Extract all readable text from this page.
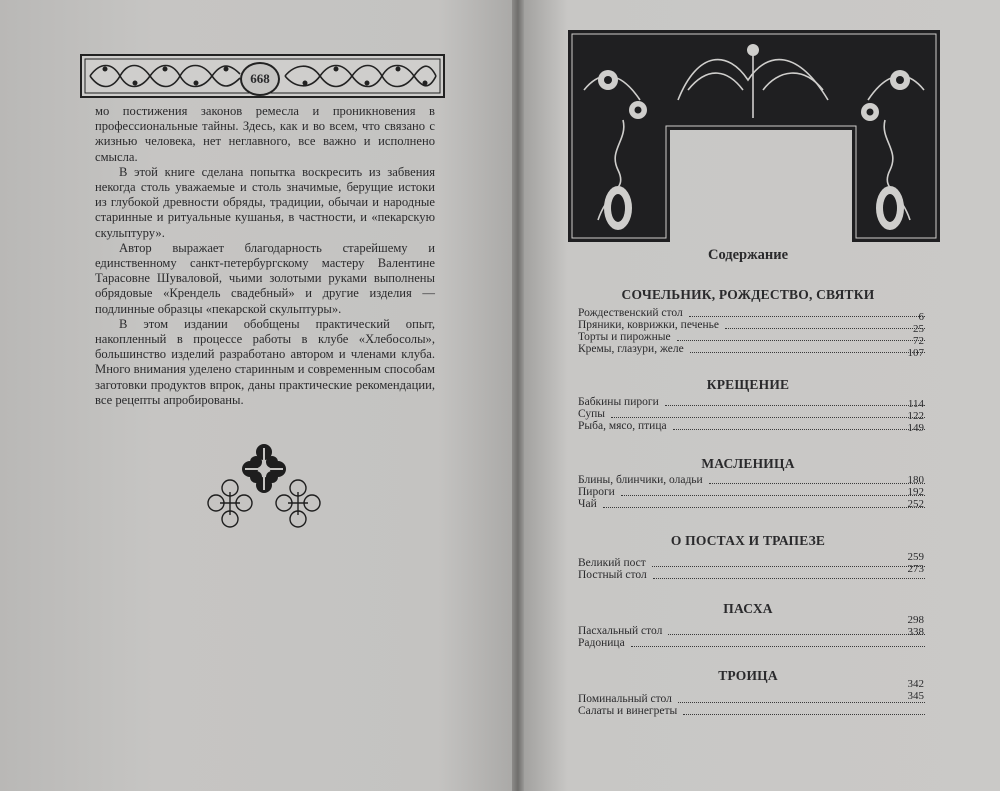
668

мо постижения законов ремесла и проникновения в профессиональные тайны. Здесь, как и во всем, что связано с жизнью человека, нет неглавного, все важно и исполнено смысла.

В этой книге сделана попытка воскресить из забвения некогда столь уважаемые и столь значимые, берущие истоки из глубокой древности обряды, традиции, обычаи и народные старинные и ритуальные кушанья, в частности, и «пекарскую скульптуру».

Автор выражает благодарность старейшему и единственному санкт-петербургскому мастеру Валентине Тарасовне Шуваловой, чьими золотыми руками выполнены обрядовые «Крендель свадебный» и другие изделия — подлинные образцы «пекарской скульптуры».

В этом издании обобщены практический опыт, накопленный в процессе работы в клубе «Хлебосолы», большинство изделий разработано автором и членами клуба. Много внимания уделено старинным и современным способам заготовки продуктов впрок, даны практические рекомендации, все рецепты апробированы.

Содержание
СОЧЕЛЬНИК, РОЖДЕСТВО, СВЯТКИ
Рождественский стол
Пряники, коврижки, печенье
Торты и пирожные
Кремы, глазури, желе
6
25
72
107
КРЕЩЕНИЕ
Бабкины пироги
Супы
Рыба, мясо, птица
114
122
149
МАСЛЕНИЦА
Блины, блинчики, оладьи
Пироги
Чай
180
192
252
О ПОСТАХ И ТРАПЕЗЕ
Великий пост
Постный стол
259
273
ПАСХА
Пасхальный стол
Радоница
298
338
ТРОИЦА
Поминальный стол
Салаты и винегреты
342
345
